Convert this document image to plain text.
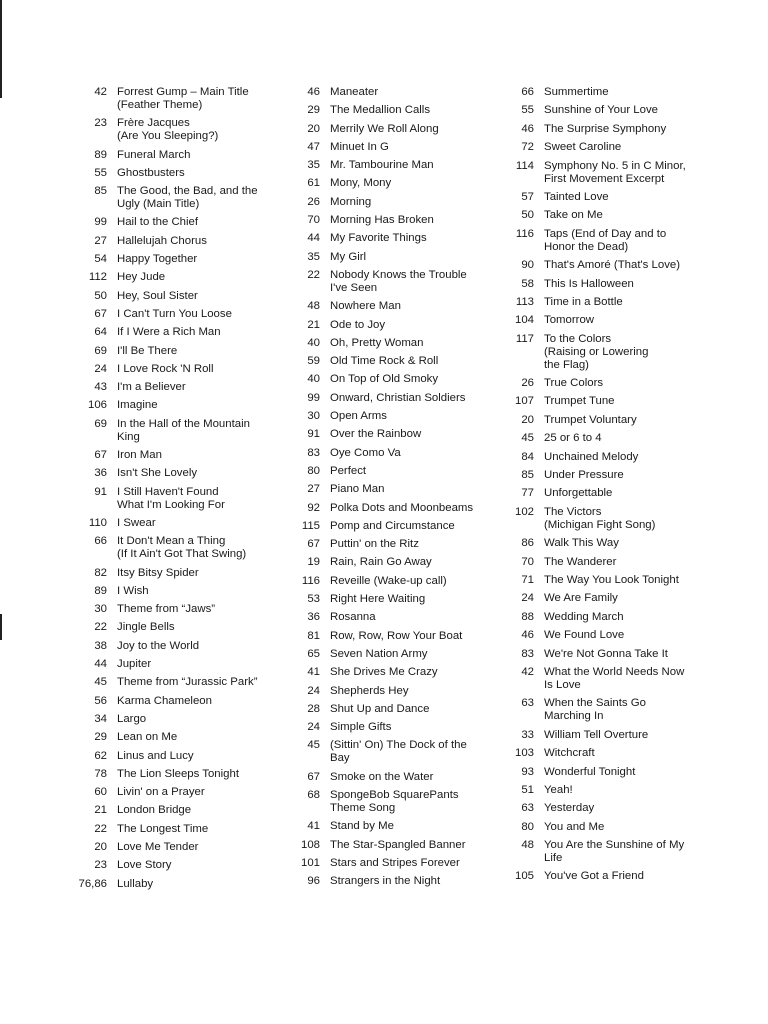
42 Forrest Gump – Main Title
(Feather Theme)
23 Frère Jacques
(Are You Sleeping?)
89 Funeral March
55 Ghostbusters
85 The Good, the Bad, and the
Ugly (Main Title)
99 Hail to the Chief
27 Hallelujah Chorus
54 Happy Together
112 Hey Jude
50 Hey, Soul Sister
67 I Can't Turn You Loose
64 If I Were a Rich Man
69 I'll Be There
24 I Love Rock 'N Roll
43 I'm a Believer
106 Imagine
69 In the Hall of the Mountain
King
67 Iron Man
36 Isn't She Lovely
91 I Still Haven't Found
What I'm Looking For
110 I Swear
66 It Don't Mean a Thing
(If It Ain't Got That Swing)
82 Itsy Bitsy Spider
89 I Wish
30 Theme from “Jaws”
22 Jingle Bells
38 Joy to the World
44 Jupiter
45 Theme from “Jurassic Park”
56 Karma Chameleon
34 Largo
29 Lean on Me
62 Linus and Lucy
78 The Lion Sleeps Tonight
60 Livin' on a Prayer
21 London Bridge
22 The Longest Time
20 Love Me Tender
23 Love Story
76,86 Lullaby
46 Maneater
29 The Medallion Calls
20 Merrily We Roll Along
47 Minuet In G
35 Mr. Tambourine Man
61 Mony, Mony
26 Morning
70 Morning Has Broken
44 My Favorite Things
35 My Girl
22 Nobody Knows the Trouble
I've Seen
48 Nowhere Man
21 Ode to Joy
40 Oh, Pretty Woman
59 Old Time Rock & Roll
40 On Top of Old Smoky
99 Onward, Christian Soldiers
30 Open Arms
91 Over the Rainbow
83 Oye Como Va
80 Perfect
27 Piano Man
92 Polka Dots and Moonbeams
115 Pomp and Circumstance
67 Puttin' on the Ritz
19 Rain, Rain Go Away
116 Reveille (Wake-up call)
53 Right Here Waiting
36 Rosanna
81 Row, Row, Row Your Boat
65 Seven Nation Army
41 She Drives Me Crazy
24 Shepherds Hey
28 Shut Up and Dance
24 Simple Gifts
45 (Sittin' On) The Dock of the
Bay
67 Smoke on the Water
68 SpongeBob SquarePants
Theme Song
41 Stand by Me
108 The Star-Spangled Banner
101 Stars and Stripes Forever
96 Strangers in the Night
66 Summertime
55 Sunshine of Your Love
46 The Surprise Symphony
72 Sweet Caroline
114 Symphony No. 5 in C Minor,
First Movement Excerpt
57 Tainted Love
50 Take on Me
116 Taps (End of Day and to
Honor the Dead)
90 That's Amoré (That's Love)
58 This Is Halloween
113 Time in a Bottle
104 Tomorrow
117 To the Colors
(Raising or Lowering
the Flag)
26 True Colors
107 Trumpet Tune
20 Trumpet Voluntary
45 25 or 6 to 4
84 Unchained Melody
85 Under Pressure
77 Unforgettable
102 The Victors
(Michigan Fight Song)
86 Walk This Way
70 The Wanderer
71 The Way You Look Tonight
24 We Are Family
88 Wedding March
46 We Found Love
83 We're Not Gonna Take It
42 What the World Needs Now
Is Love
63 When the Saints Go
Marching In
33 William Tell Overture
103 Witchcraft
93 Wonderful Tonight
51 Yeah!
63 Yesterday
80 You and Me
48 You Are the Sunshine of My
Life
105 You've Got a Friend
